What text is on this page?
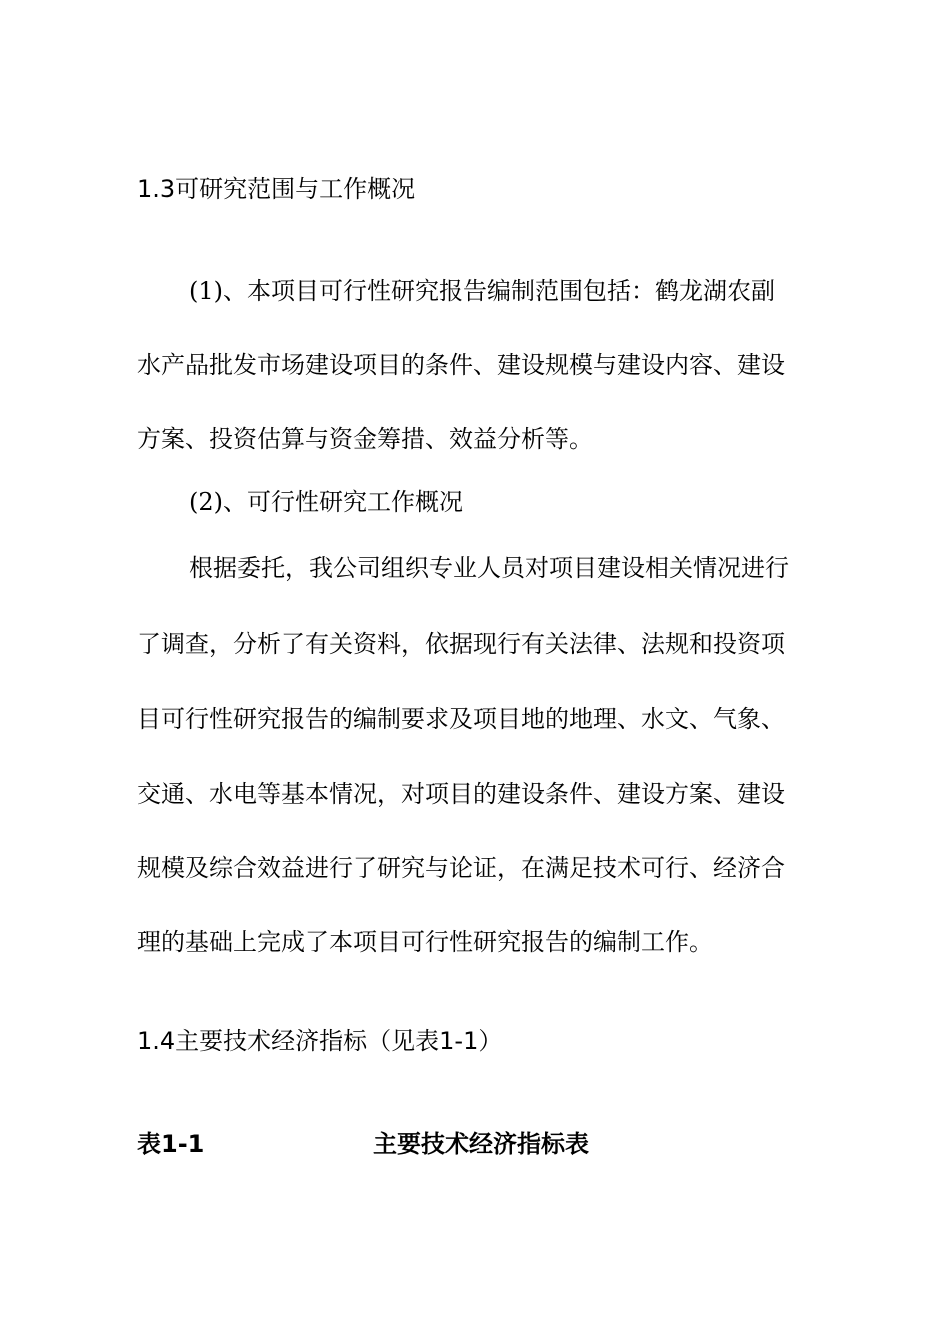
1.3可研究范围与工作概况
(1)、本项目可行性研究报告编制范围包括：鹤龙湖农副
水产品批发市场建设项目的条件、建设规模与建设内容、建设
方案、投资估算与资金筹措、效益分析等。
(2)、可行性研究工作概况
根据委托，我公司组织专业人员对项目建设相关情况进行
了调查，分析了有关资料，依据现行有关法律、法规和投资项
目可行性研究报告的编制要求及项目地的地理、水文、气象、
交通、水电等基本情况，对项目的建设条件、建设方案、建设
规模及综合效益进行了研究与论证，在满足技术可行、经济合
理的基础上完成了本项目可行性研究报告的编制工作。
1.4主要技术经济指标（见表1-1）
表1-1	主要技术经济指标表
